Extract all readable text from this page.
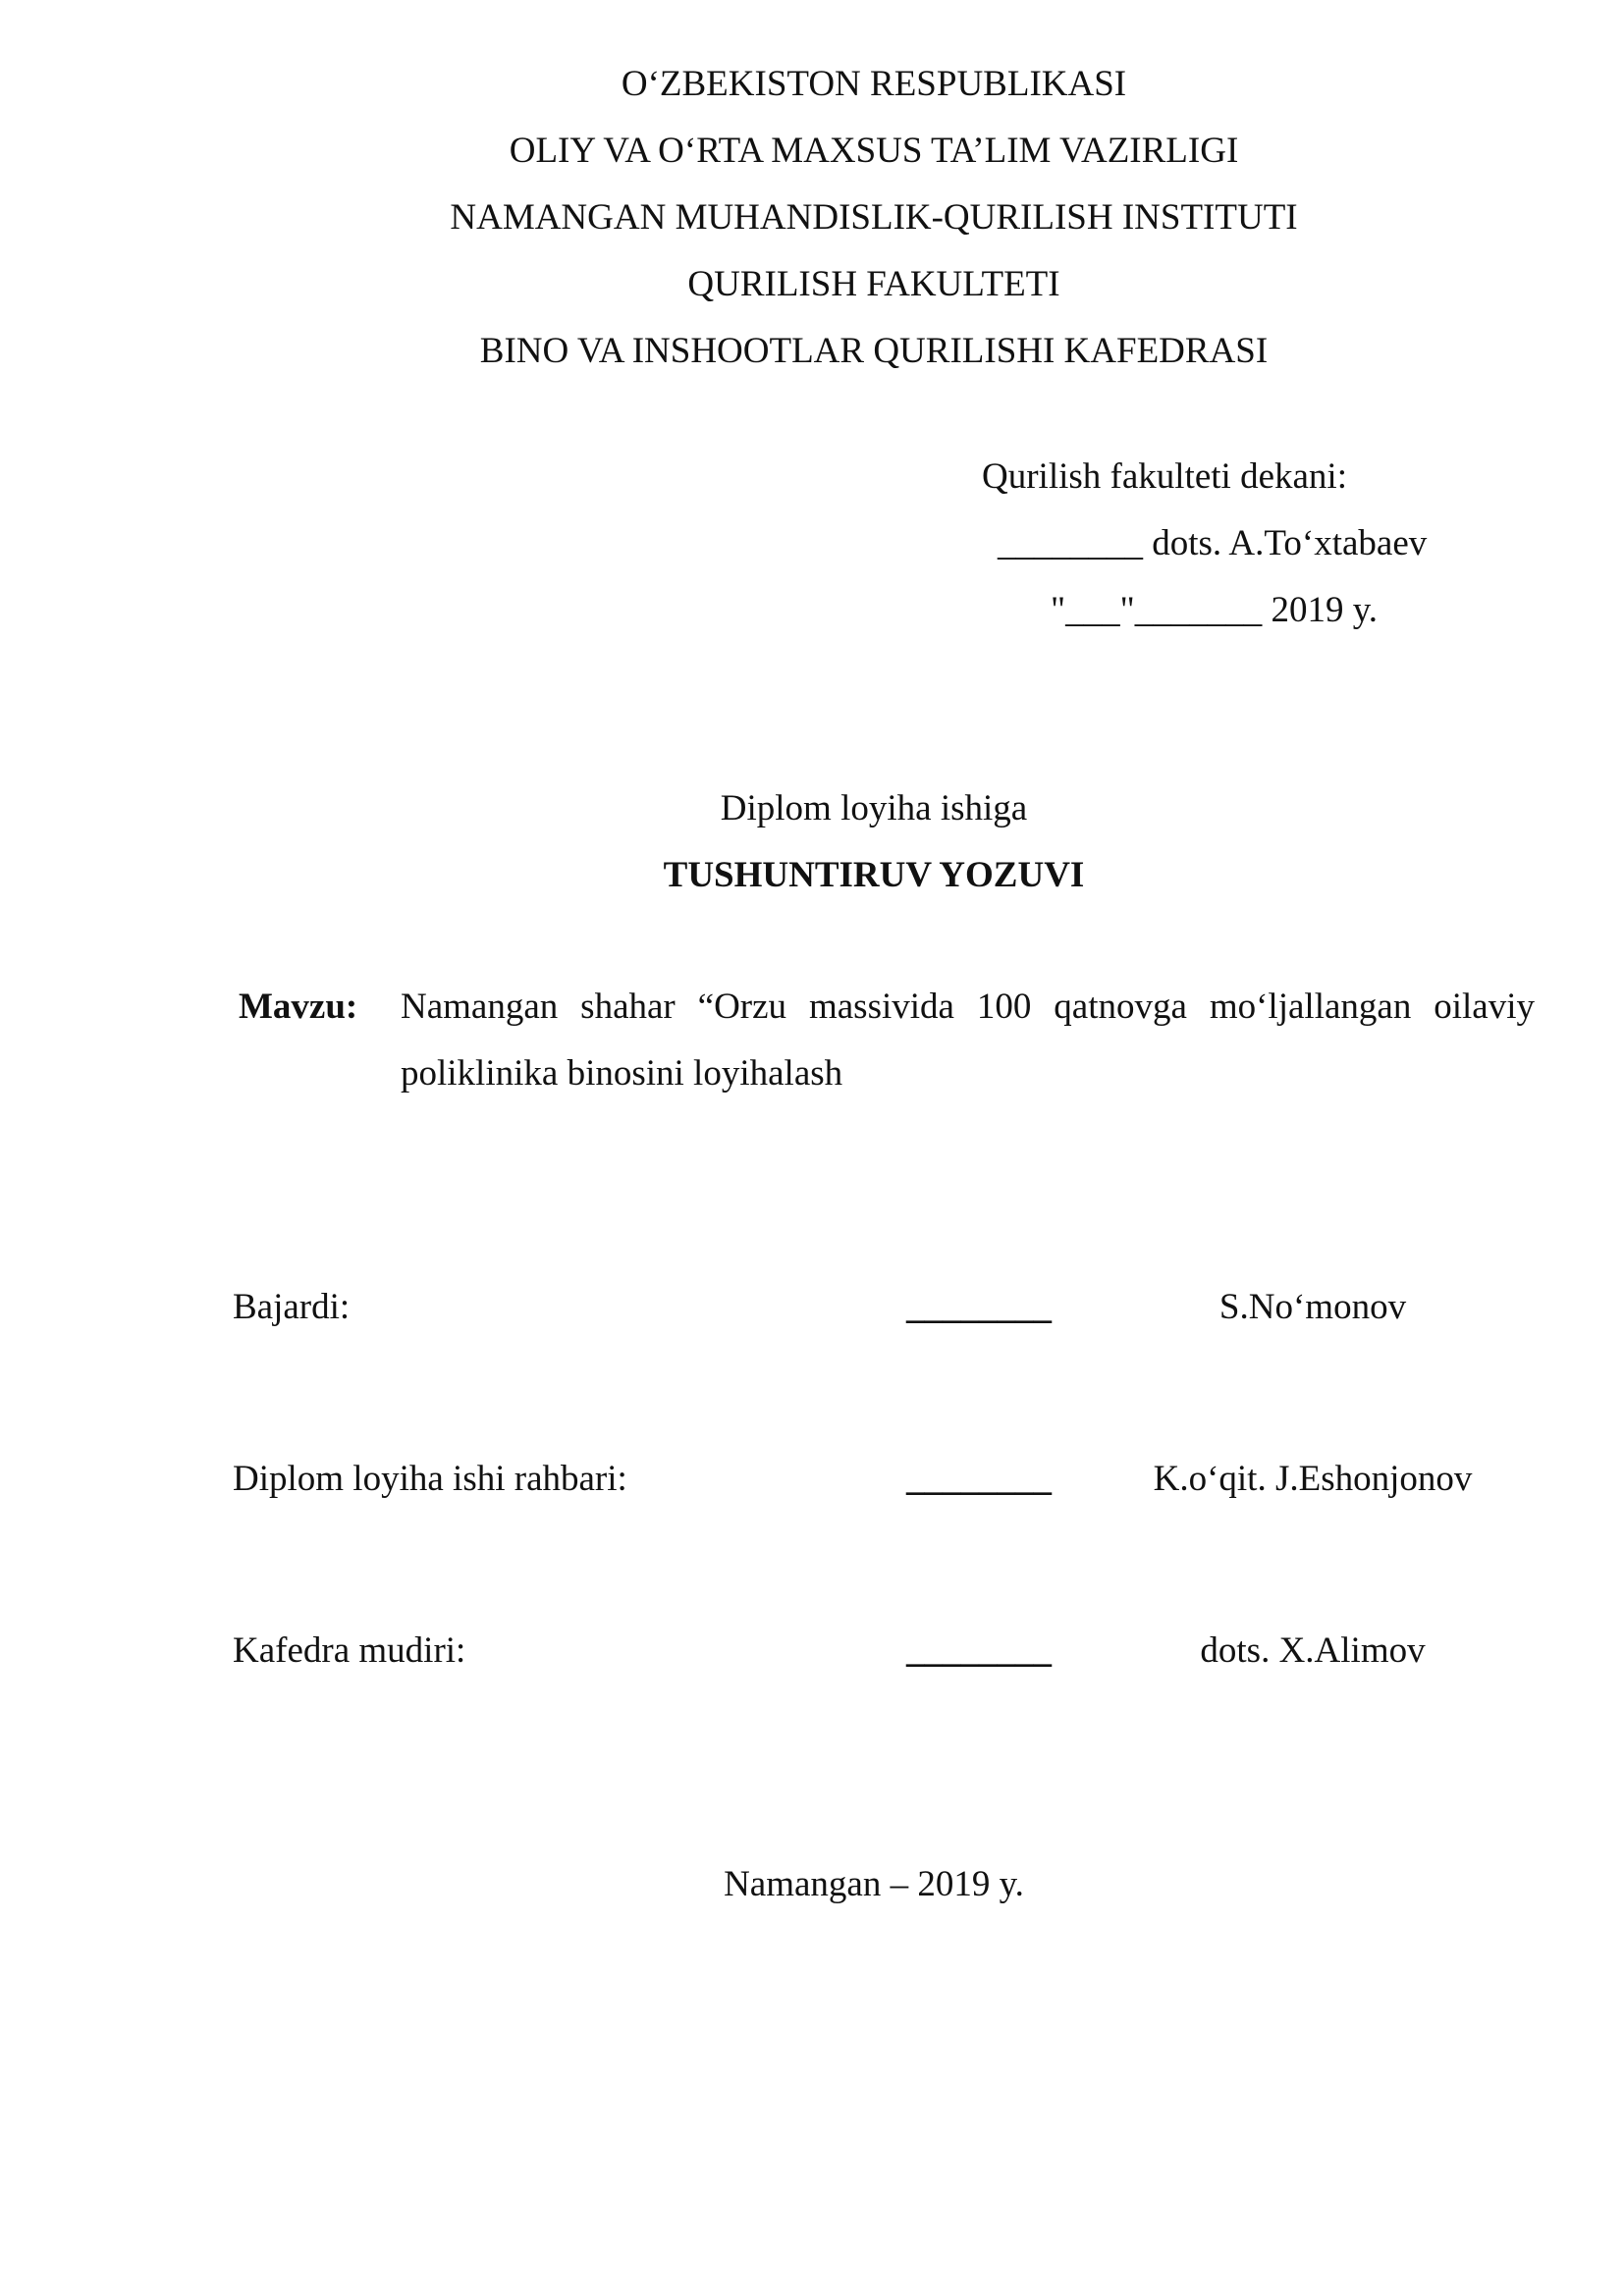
O‘ZBEKISTON RESPUBLIKASI
OLIY VA O‘RTA MAXSUS TA’LIM VAZIRLIGI
NAMANGAN MUHANDISLIK-QURILISH INSTITUTI
QURILISH FAKULTETI
BINO VA INSHOOTLAR QURILISHI KAFEDRASI
Qurilish fakulteti dekani:
________ dots. A.To‘xtabaev
"___"_______ 2019 y.
Diplom loyiha ishiga
TUSHUNTIRUV YOZUVI
Mavzu: Namangan shahar “Orzu massivida 100 qatnovga mo‘ljallangan oilaviy poliklinika binosini loyihalash
Bajardi:	________	S.No‘monov
Diplom loyiha ishi rahbari:	________	K.o‘qit. J.Eshonjonov
Kafedra mudiri:	________	dots. X.Alimov
Namangan – 2019 y.
